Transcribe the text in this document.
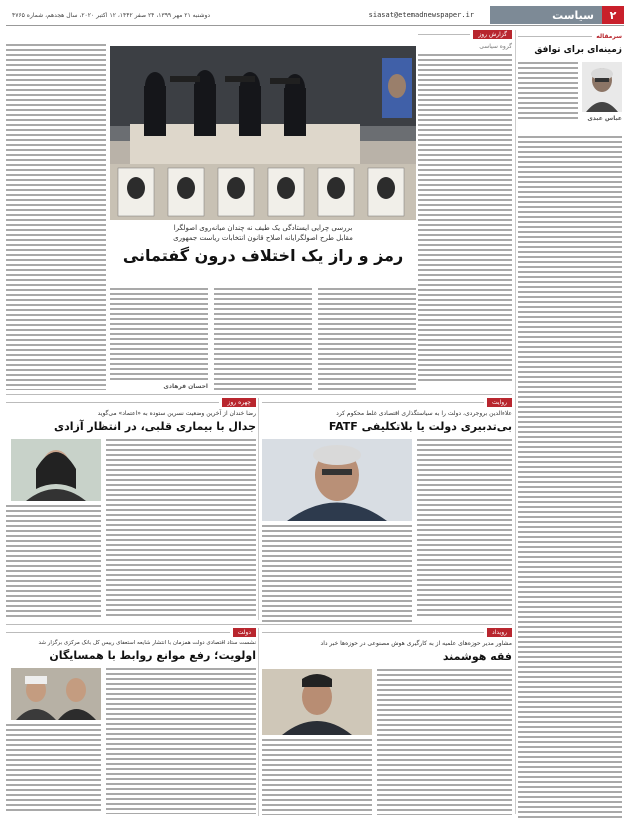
۲
سیاست
siasat@etemadnewspaper.ir
دوشنبه ۲۱ مهر ۱۳۹۹، ۲۴ صفر ۱۴۴۲، ۱۲ اکتبر ۲۰۲۰، سال هجدهم، شماره ۴۷۶۵
سرمقاله
زمینه‌ای برای توافق
عباس عبدی
گزارش روز
گروه سیاسی
بررسی چرایی ایستادگی یک طیف نه چندان میانه‌روی اصولگرا
مقابل طرح اصولگرایانه اصلاح قانون انتخابات ریاست جمهوری
رمز و راز یک اختلاف درون گفتمانی
احسان فرهادی
روایت
علاءالدین بروجردی، دولت را به سیاستگذاری اقتصادی غلط محکوم کرد
بی‌تدبیری دولت یا بلاتکلیفی FATF
چهره روز
رضا خندان از آخرین وضعیت نسرین ستوده به «اعتماد» می‌گوید
جدال با بیماری قلبی، در انتظار آزادی
رویداد
مشاور مدیر حوزه‌های علمیه از به کارگیری هوش مصنوعی در حوزه‌ها خبر داد
فقه هوشمند
دولت
نشست ستاد اقتصادی دولت همزمان با انتشار شایعه استعفای رییس کل بانک مرکزی برگزار شد
اولویت؛ رفع موانع روابط با همسایگان
